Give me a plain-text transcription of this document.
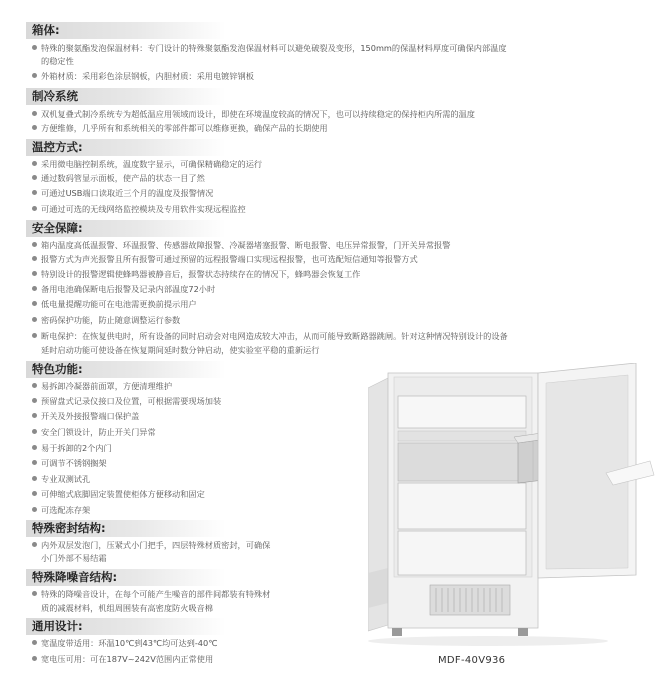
箱体:
特殊的聚氨酯发泡保温材料：专门设计的特殊聚氨酯发泡保温材料可以避免破裂及变形，150mm的保温材料厚度可确保内部温度
的稳定性
外箱材质：采用彩色涂层钢板，内胆材质：采用电镀锌钢板
制冷系统
双机复叠式制冷系统专为超低温应用领域而设计，即使在环境温度较高的情况下，也可以持续稳定的保持柜内所需的温度
方便维修，几乎所有和系统相关的零部件都可以维修更换，确保产品的长期使用
温控方式:
采用微电脑控制系统，温度数字显示，可确保精确稳定的运行
通过数码管显示面板，使产品的状态一目了然
可通过USB端口读取近三个月的温度及报警情况
可通过可选的无线网络监控模块及专用软件实现远程监控
安全保障:
箱内温度高低温报警、环温报警、传感器故障报警、冷凝器堵塞报警、断电报警、电压异常报警，门开关异常报警
报警方式为声光报警且所有报警可通过预留的远程报警端口实现远程报警，也可选配短信通知等报警方式
特别设计的报警逻辑使蜂鸣器被静音后，报警状态持续存在的情况下，蜂鸣器会恢复工作
备用电池确保断电后报警及记录内部温度72小时
低电量提醒功能可在电池需更换前提示用户
密码保护功能，防止随意调整运行参数
断电保护：在恢复供电时，所有设备的同时启动会对电网造成较大冲击，从而可能导致断路器跳闸。针对这种情况特别设计的设备
延时启动功能可使设备在恢复期间延时数分钟启动，使实验室平稳的重新运行
特色功能:
易拆卸冷凝器前面罩，方便清理维护
预留盘式记录仪接口及位置，可根据需要现场加装
开关及外接报警端口保护盖
安全门锁设计，防止开关门异常
易于拆卸的2个内门
可调节不锈钢搁架
专业双测试孔
可伸缩式底脚固定装置使柜体方便移动和固定
可选配冻存架
特殊密封结构:
内外双层发泡门，压紧式小门把手，四层特殊材质密封，可确保
小门外部不易结霜
特殊降噪音结构:
特殊的降噪音设计，在每个可能产生噪音的部件间都装有特殊材
质的减震材料，机组周围装有高密度防火吸音棉
通用设计:
宽温度带适用：环温10℃到43℃均可达到-40℃
宽电压可用：可在187V~242V范围内正常使用	MDF-40V936
